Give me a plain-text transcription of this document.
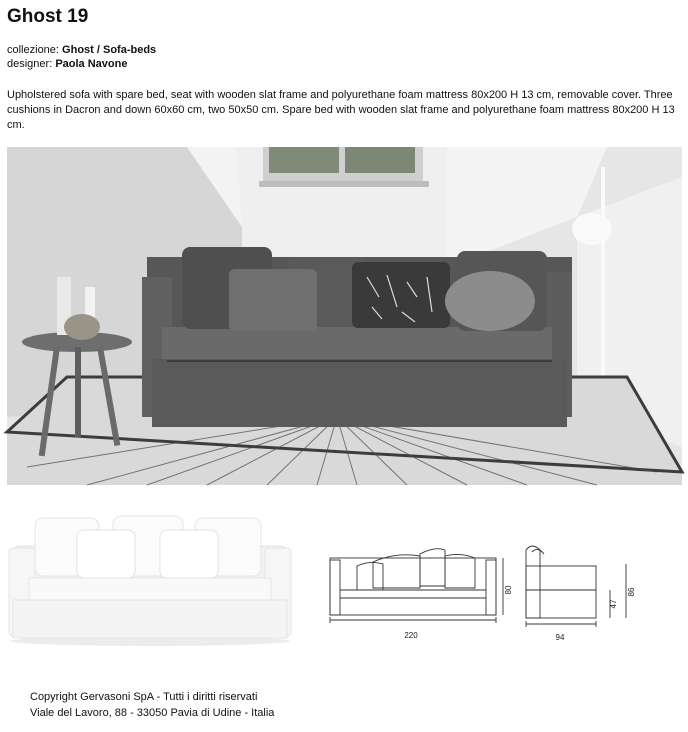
Ghost 19
collezione: Ghost / Sofa-beds
designer: Paola Navone
Upholstered sofa with spare bed, seat with wooden slat frame and polyurethane foam mattress 80x200 H 13 cm, removable cover. Three cushions in Dacron and down 60x60 cm, two 50x50 cm. Spare bed with wooden slat frame and polyurethane foam mattress 80x200 H 13 cm.
220
80
94
47
86
Copyright Gervasoni SpA - Tutti i diritti riservati
Viale del Lavoro, 88 - 33050 Pavia di Udine - Italia
